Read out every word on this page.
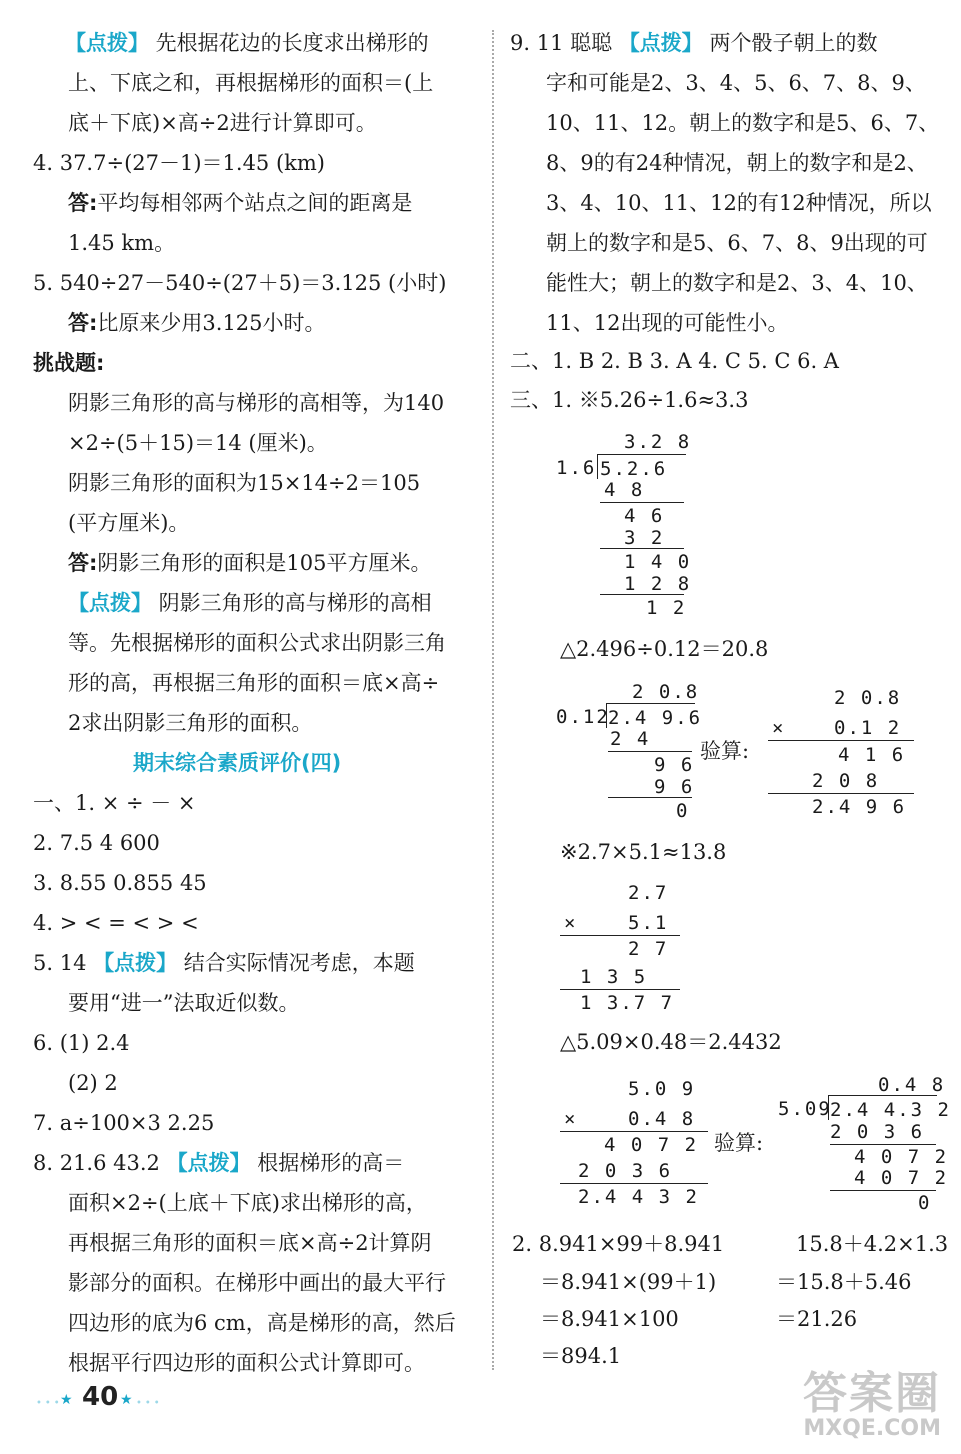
【点拨】 先根据花边的长度求出梯形的
上、下底之和，再根据梯形的面积＝(上
底＋下底)×高÷2进行计算即可。
4. 37.7÷(27－1)＝1.45 (km)
答:平均每相邻两个站点之间的距离是
1.45 km。
5. 540÷27－540÷(27＋5)＝3.125 (小时)
答:比原来少用3.125小时。
挑战题:
阴影三角形的高与梯形的高相等，为140
×2÷(5＋15)＝14 (厘米)。
阴影三角形的面积为15×14÷2＝105
(平方厘米)。
答:阴影三角形的面积是105平方厘米。
【点拨】 阴影三角形的高与梯形的高相
等。先根据梯形的面积公式求出阴影三角
形的高，再根据三角形的面积＝底×高÷
2求出阴影三角形的面积。
期末综合素质评价(四)
一、1. × ÷ － ×
2. 7.5 4 600
3. 8.55 0.855 45
4. > < = < > <
5. 14 【点拨】 结合实际情况考虑，本题
要用“进一”法取近似数。
6. (1) 2.4
(2) 2
7. a÷100×3 2.25
8. 21.6 43.2 【点拨】 根据梯形的高＝
面积×2÷(上底＋下底)求出梯形的高，
再根据三角形的面积＝底×高÷2计算阴
影部分的面积。在梯形中画出的最大平行
四边形的底为6 cm，高是梯形的高，然后
根据平行四边形的面积公式计算即可。
9. 11 聪聪 【点拨】 两个骰子朝上的数
字和可能是2、3、4、5、6、7、8、9、
10、11、12。朝上的数字和是5、6、7、
8、9的有24种情况，朝上的数字和是2、
3、4、10、11、12的有12种情况，所以
朝上的数字和是5、6、7、8、9出现的可
能性大；朝上的数字和是2、3、4、10、
11、12出现的可能性小。
二、1. B 2. B 3. A 4. C 5. C 6. A
三、1. ※5.26÷1.6≈3.3
3.2 8
1.6 5.2.6
4 8
4 6
3 2
1 4 0
1 2 8
1 2
△2.496÷0.12＝20.8
2 0.8
0.12
2.4 9.6
2 4
9 6
9 6
0
验算:
2 0.8
×	0.1 2
4 1 6
2 0 8
2.4 9 6
※2.7×5.1≈13.8
2.7
×	5.1
2 7
1 3 5
1 3.7 7
△5.09×0.48＝2.4432
5.0 9
×	0.4 8
4 0 7 2
2 0 3 6
2.4 4 3 2
验算:
0.4 8
5.09
2.4 4.3 2
2 0 3 6
4 0 7 2
4 0 7 2
0
2. 8.941×99＋8.941	15.8＋4.2×1.3
＝8.941×(99＋1)	＝15.8＋5.46
＝8.941×100	＝21.26
＝894.1
•••
★ 40 ★ •••	答案圈
MXQE.COM
